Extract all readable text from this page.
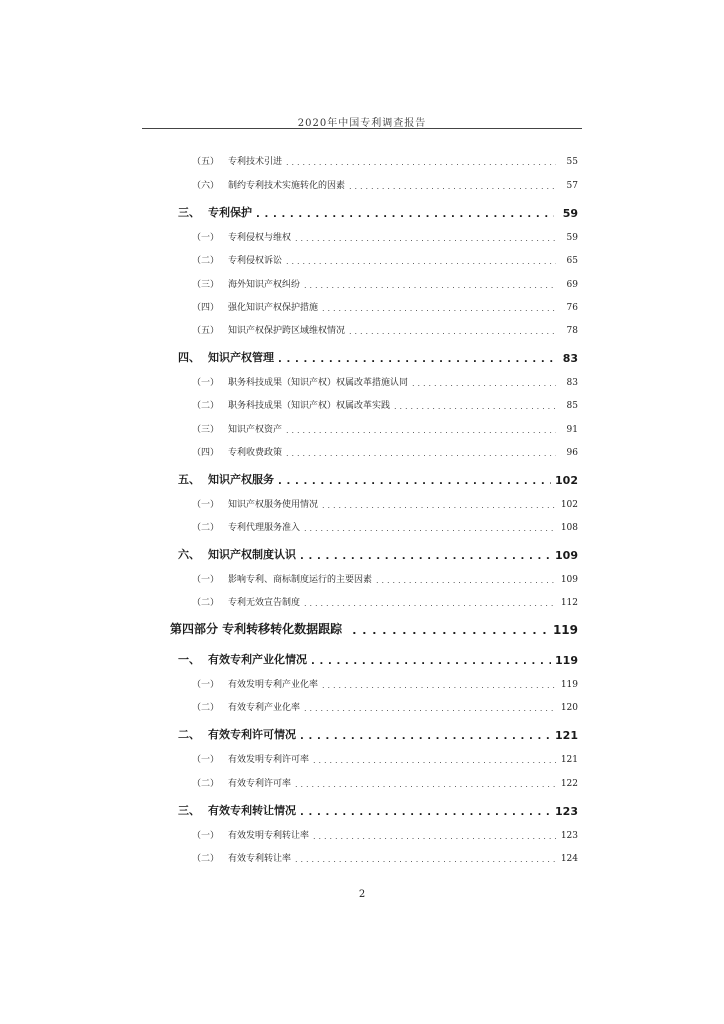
2020年中国专利调查报告
（五） 专利技术引进 . . .	55
（六） 制约专利技术实施转化的因素 . . .	57
三、 专利保护 . . .	59
（一） 专利侵权与维权 . . .	59
（二） 专利侵权诉讼 . . .	65
（三） 海外知识产权纠纷 . . .	69
（四） 强化知识产权保护措施 . . .	76
（五） 知识产权保护跨区域维权情况 . . .	78
四、 知识产权管理 . . .	83
（一） 职务科技成果（知识产权）权属改革措施认同 . . .	83
（二） 职务科技成果（知识产权）权属改革实践 . . .	85
（三） 知识产权资产 . . .	91
（四） 专利收费政策 . . .	96
五、 知识产权服务 . . .	102
（一） 知识产权服务使用情况 . . .	102
（二） 专利代理服务准入 . . .	108
六、 知识产权制度认识 . . .	109
（一） 影响专利、商标制度运行的主要因素 . . .	109
（二） 专利无效宣告制度 . . .	112
第四部分 专利转移转化数据跟踪 . . .	119
一、 有效专利产业化情况 . . .	119
（一） 有效发明专利产业化率 . . .	119
（二） 有效专利产业化率 . . .	120
二、 有效专利许可情况 . . .	121
（一） 有效发明专利许可率 . . .	121
（二） 有效专利许可率 . . .	122
三、 有效专利转让情况 . . .	123
（一） 有效发明专利转让率 . . .	123
（二） 有效专利转让率 . . .	124
2
